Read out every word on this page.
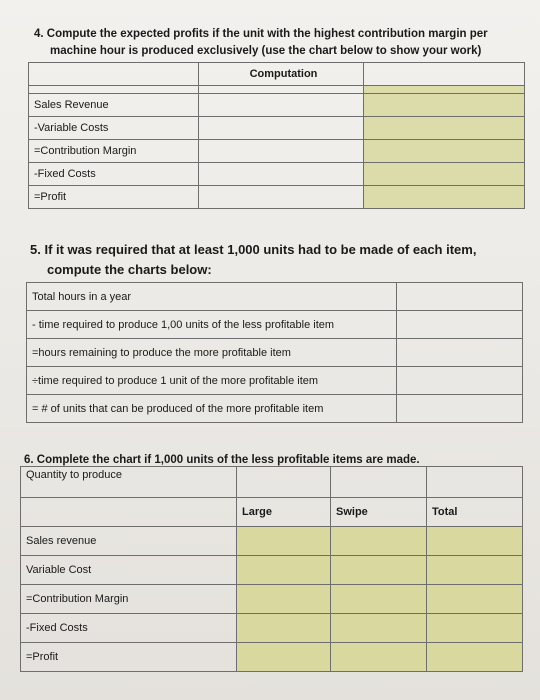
4. Compute the expected profits if the unit with the highest contribution margin per
machine hour is produced exclusively (use the chart below to show your work)
	Computation	

Sales Revenue		
-Variable Costs		
=Contribution Margin		
-Fixed Costs		
=Profit		
5. If it was required that at least 1,000 units had to be made of each item,
compute the charts below:
Total hours in a year	
- time required to produce 1,00 units of the less profitable item	
=hours remaining to produce the more profitable item	
÷time required to produce 1 unit of the more profitable item	
= # of units that can be produced of the more profitable item	
6. Complete the chart if 1,000 units of the less profitable items are made.
Quantity to produce			
	Large	Swipe	Total
Sales revenue			
Variable Cost			
=Contribution Margin			
-Fixed Costs			
=Profit			
